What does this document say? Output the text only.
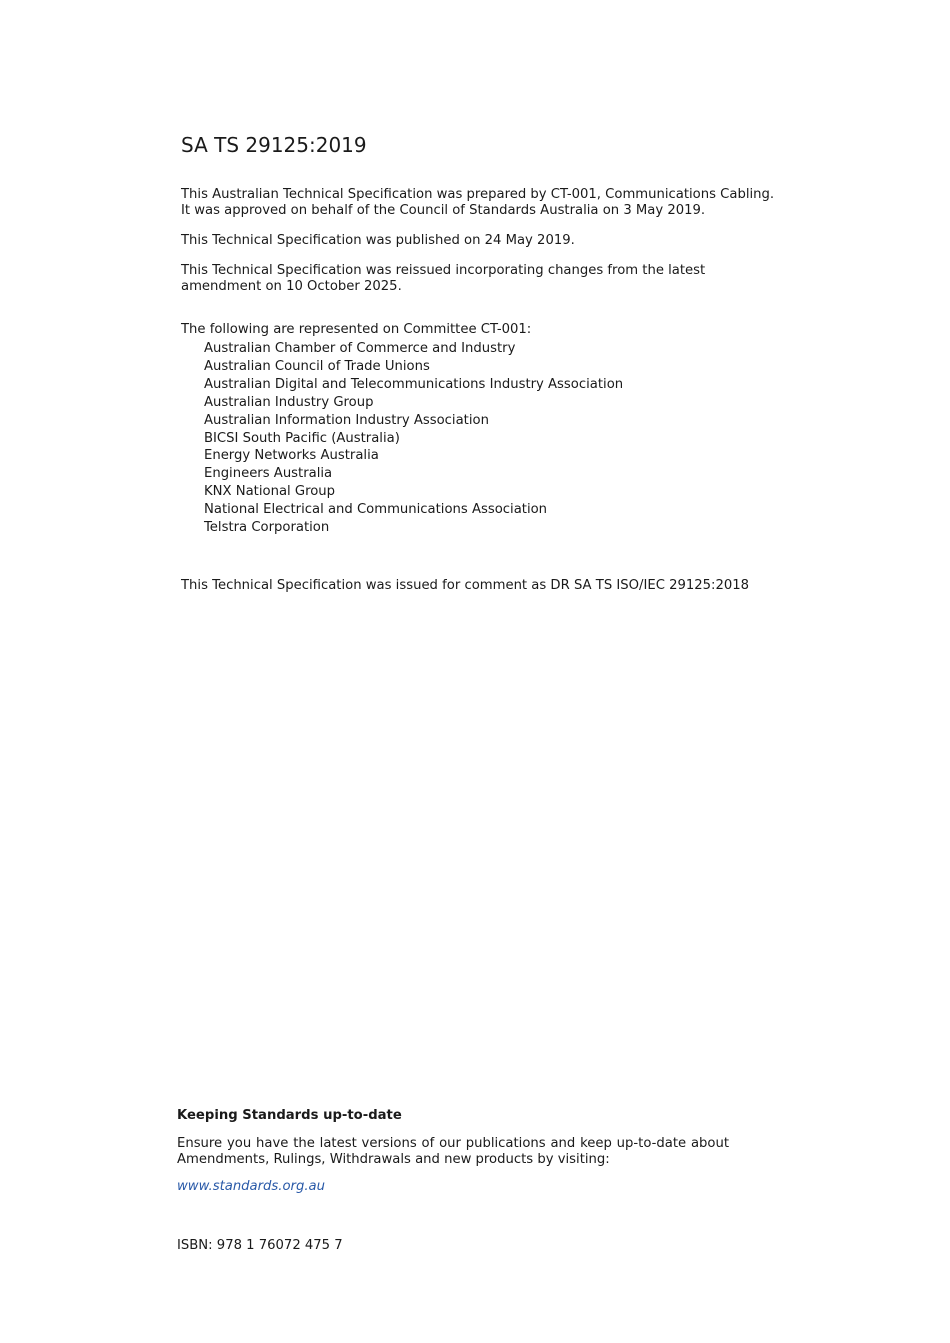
SA TS 29125:2019

This Australian Technical Specification was prepared by CT-001, Communications Cabling. It was approved on behalf of the Council of Standards Australia on 3 May 2019.

This Technical Specification was published on 24 May 2019.

This Technical Specification was reissued incorporating changes from the latest amendment on 10 October 2025.

The following are represented on Committee CT-001:

Australian Chamber of Commerce and Industry
Australian Council of Trade Unions
Australian Digital and Telecommunications Industry Association
Australian Industry Group
Australian Information Industry Association
BICSI South Pacific (Australia)
Energy Networks Australia
Engineers Australia
KNX National Group
National Electrical and Communications Association
Telstra Corporation

This Technical Specification was issued for comment as DR SA TS ISO/IEC 29125:2018

Keeping Standards up-to-date

Ensure you have the latest versions of our publications and keep up-to-date about Amendments, Rulings, Withdrawals and new products by visiting:

www.standards.org.au

ISBN: 978 1 76072 475 7
